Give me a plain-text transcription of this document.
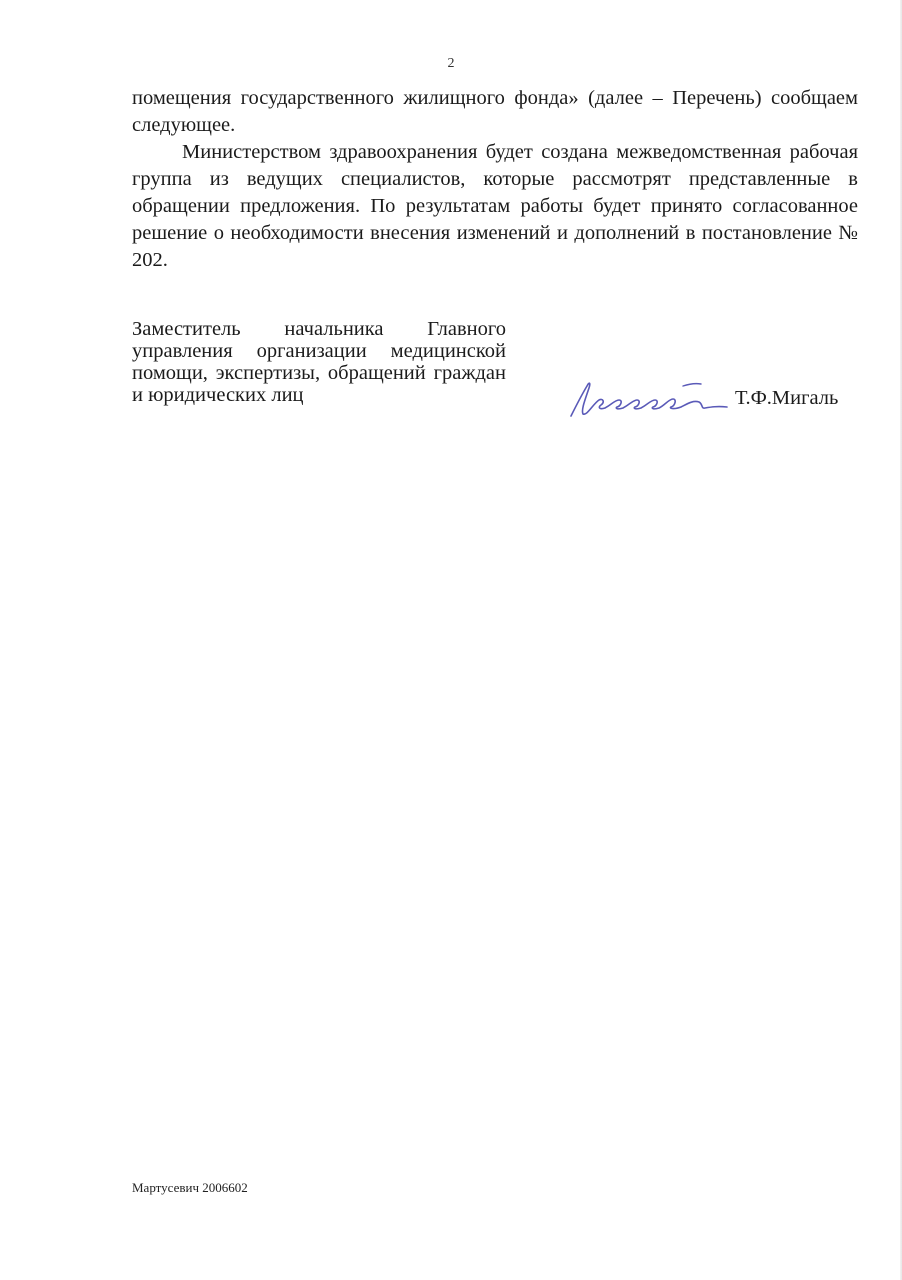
2

помещения государственного жилищного фонда» (далее – Перечень) сообщаем следующее.

Министерством здравоохранения будет создана межведомственная рабочая группа из ведущих специалистов, которые рассмотрят представленные в обращении предложения. По результатам работы будет принято согласованное решение о необходимости внесения изменений и дополнений в постановление № 202.

Заместитель начальника Главного управления организации медицинской помощи, экспертизы, обращений граждан и юридических лиц	Т.Ф.Мигаль
Мартусевич 2006602
